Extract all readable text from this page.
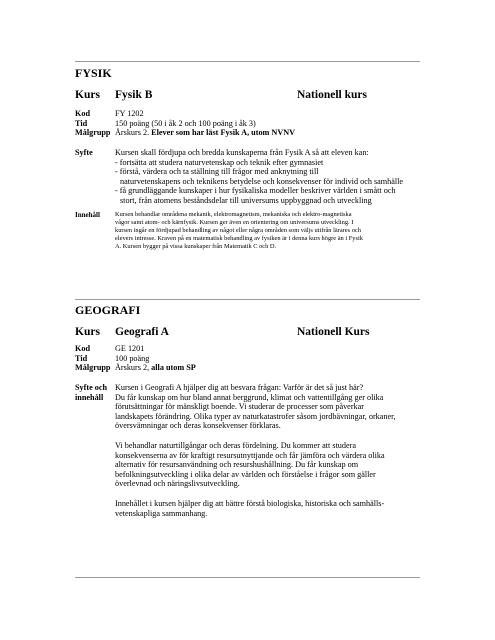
FYSIK
Kurs Fysik B	Nationell kurs
Kod	FY 1202
Tid	150 poäng (50 i åk 2 och 100 poäng i åk 3)
Målgrupp Årskurs 2. Elever som har läst Fysik A, utom NVNV
Syfte	Kursen skall fördjupa och bredda kunskaperna från Fysik A så att eleven kan:
- fortsätta att studera naturvetenskap och teknik efter gymnasiet
- förstå, värdera och ta ställning till frågor med anknytning till
naturvetenskapens och teknikens betydelse och konsekvenser för individ och samhälle
- få grundläggande kunskaper i hur fysikaliska modeller beskriver världen i smått och
stort, från atomens beståndsdelar till universums uppbyggnad och utveckling
Innehåll Kursen behandlar områdena mekanik, elektromagnetism, mekaniska och elektro-magnetiska
vågor samt atom- och kärnfysik. Kursen ger även en orientering om universums utveckling. I
kursen ingår en fördjupad behandling av något eller några områden som väljs utifrån lärares och
elevers intresse. Kraven på en matematisk behandling av fysiken är i denna kurs högre än i Fysik
A. Kursen bygger på vissa kunskaper från Matematik C och D.
GEOGRAFI
Kurs Geografi A	Nationell Kurs
Kod	GE 1201
Tid	100 poäng
Målgrupp Årskurs 2, alla utom SP
Syfte och
innehåll
Kursen i Geografi A hjälper dig att besvara frågan: Varför är det så just här?
Du får kunskap om hur bland annat berggrund, klimat och vattentillgång ger olika
förutsättningar för mänskligt boende. Vi studerar de processer som påverkar
landskapets förändring. Olika typer av naturkatastrofer såsom jordbävningar, orkaner,
översvämningar och deras konsekvenser förklaras.
Vi behandlar naturtillgångar och deras fördelning. Du kommer att studera
konsekvenserna av för kraftigt resursutnyttjande och får jämföra och värdera olika
alternativ för resursanvändning och resurshushållning. Du får kunskap om
befolkningsutveckling i olika delar av världen och förståelse i frågor som gäller
överlevnad och näringslivsutveckling.
Innehållet i kursen hjälper dig att bättre förstå biologiska, historiska och samhälls-
vetenskapliga sammanhang.
